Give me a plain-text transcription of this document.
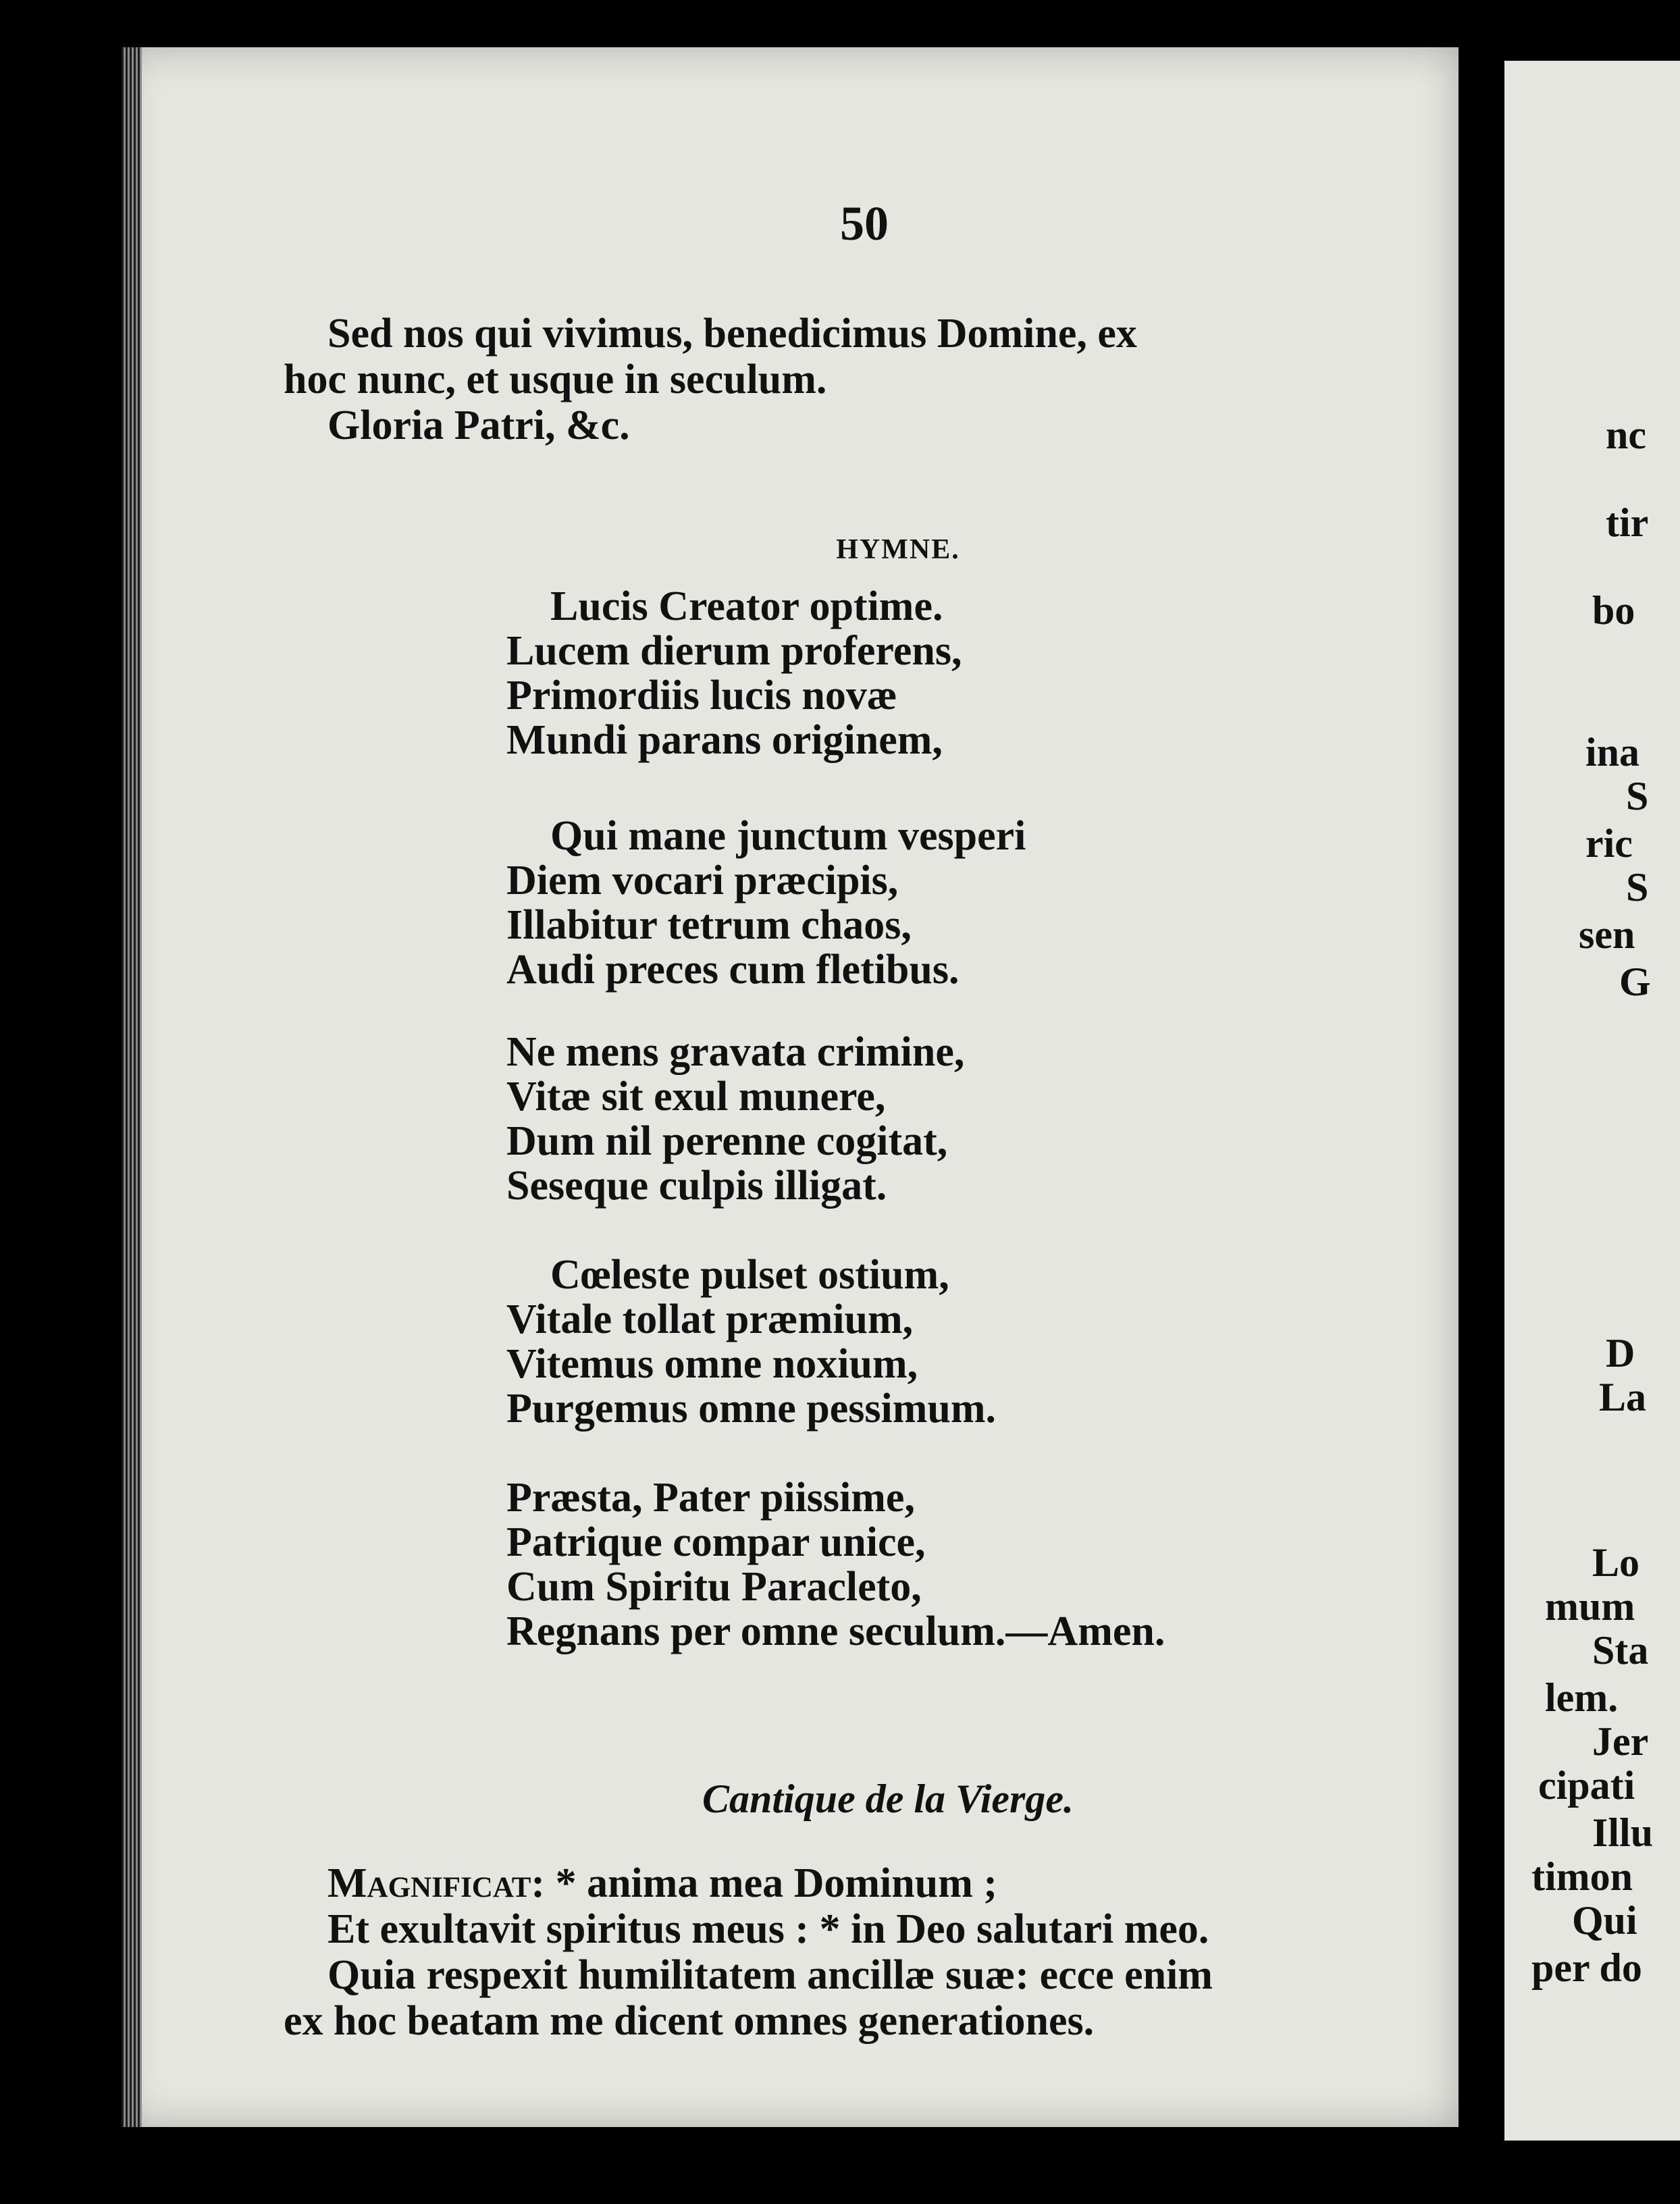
50

Sed nos qui vivimus, benedicimus Domine, ex

hoc nunc, et usque in seculum.

Gloria Patri, &c.

HYMNE.
Lucis Creator optime.
Lucem dierum proferens,
Primordiis lucis novæ
Mundi parans originem,
Qui mane junctum vesperi
Diem vocari præcipis,
Illabitur tetrum chaos,
Audi preces cum fletibus.
Ne mens gravata crimine,
Vitæ sit exul munere,
Dum nil perenne cogitat,
Seseque culpis illigat.
Cœleste pulset ostium,
Vitale tollat præmium,
Vitemus omne noxium,
Purgemus omne pessimum.
Præsta, Pater piissime,
Patrique compar unice,
Cum Spiritu Paracleto,
Regnans per omne seculum.—Amen.
Cantique de la Vierge.

Magnificat: * anima mea Dominum ;

Et exultavit spiritus meus : * in Deo salutari meo.

Quia respexit humilitatem ancillæ suæ: ecce enim

ex hoc beatam me dicent omnes generationes.

nc
tir
bo
ina
S
ric
S
sen
G
D
La
Lo
mum
Sta
lem.
Jer
cipati
Illu
timon
Qui
per do
